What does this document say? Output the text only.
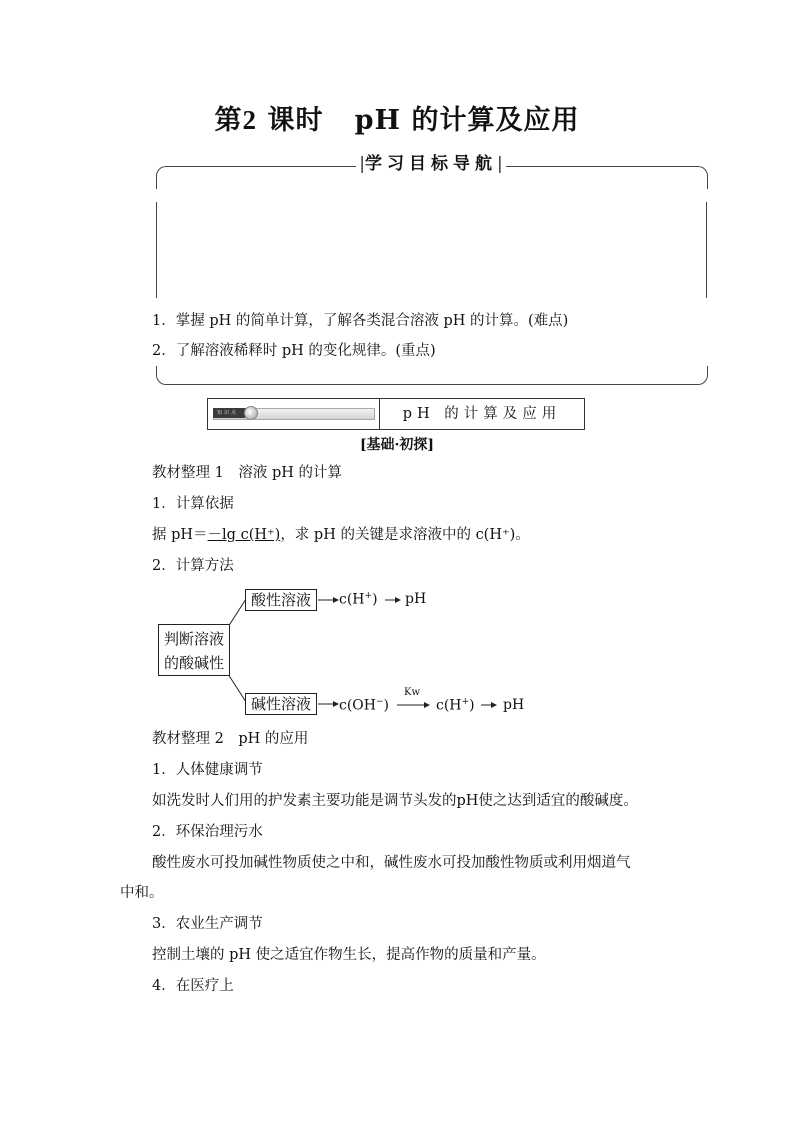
第2 课时 pH 的计算及应用
|学习目标导航|
1．掌握 pH 的简单计算，了解各类混合溶液 pH 的计算。(难点)
2．了解溶液稀释时 pH 的变化规律。(重点)
知识点	pH 的计算及应用
[基础·初探]
教材整理 1　溶液 pH 的计算
1．计算依据
据 pH＝－lg c(H⁺)，求 pH 的关键是求溶液中的 c(H⁺)。
2．计算方法
判断溶液
的酸碱性
酸性溶液
碱性溶液
c(H+) pH
c(OH−)
Kw
c(H+) pH
教材整理 2　pH 的应用
1．人体健康调节
如洗发时人们用的护发素主要功能是调节头发的pH使之达到适宜的酸碱度。
2．环保治理污水
酸性废水可投加碱性物质使之中和，碱性废水可投加酸性物质或利用烟道气
中和。
3．农业生产调节
控制土壤的 pH 使之适宜作物生长，提高作物的质量和产量。
4．在医疗上
